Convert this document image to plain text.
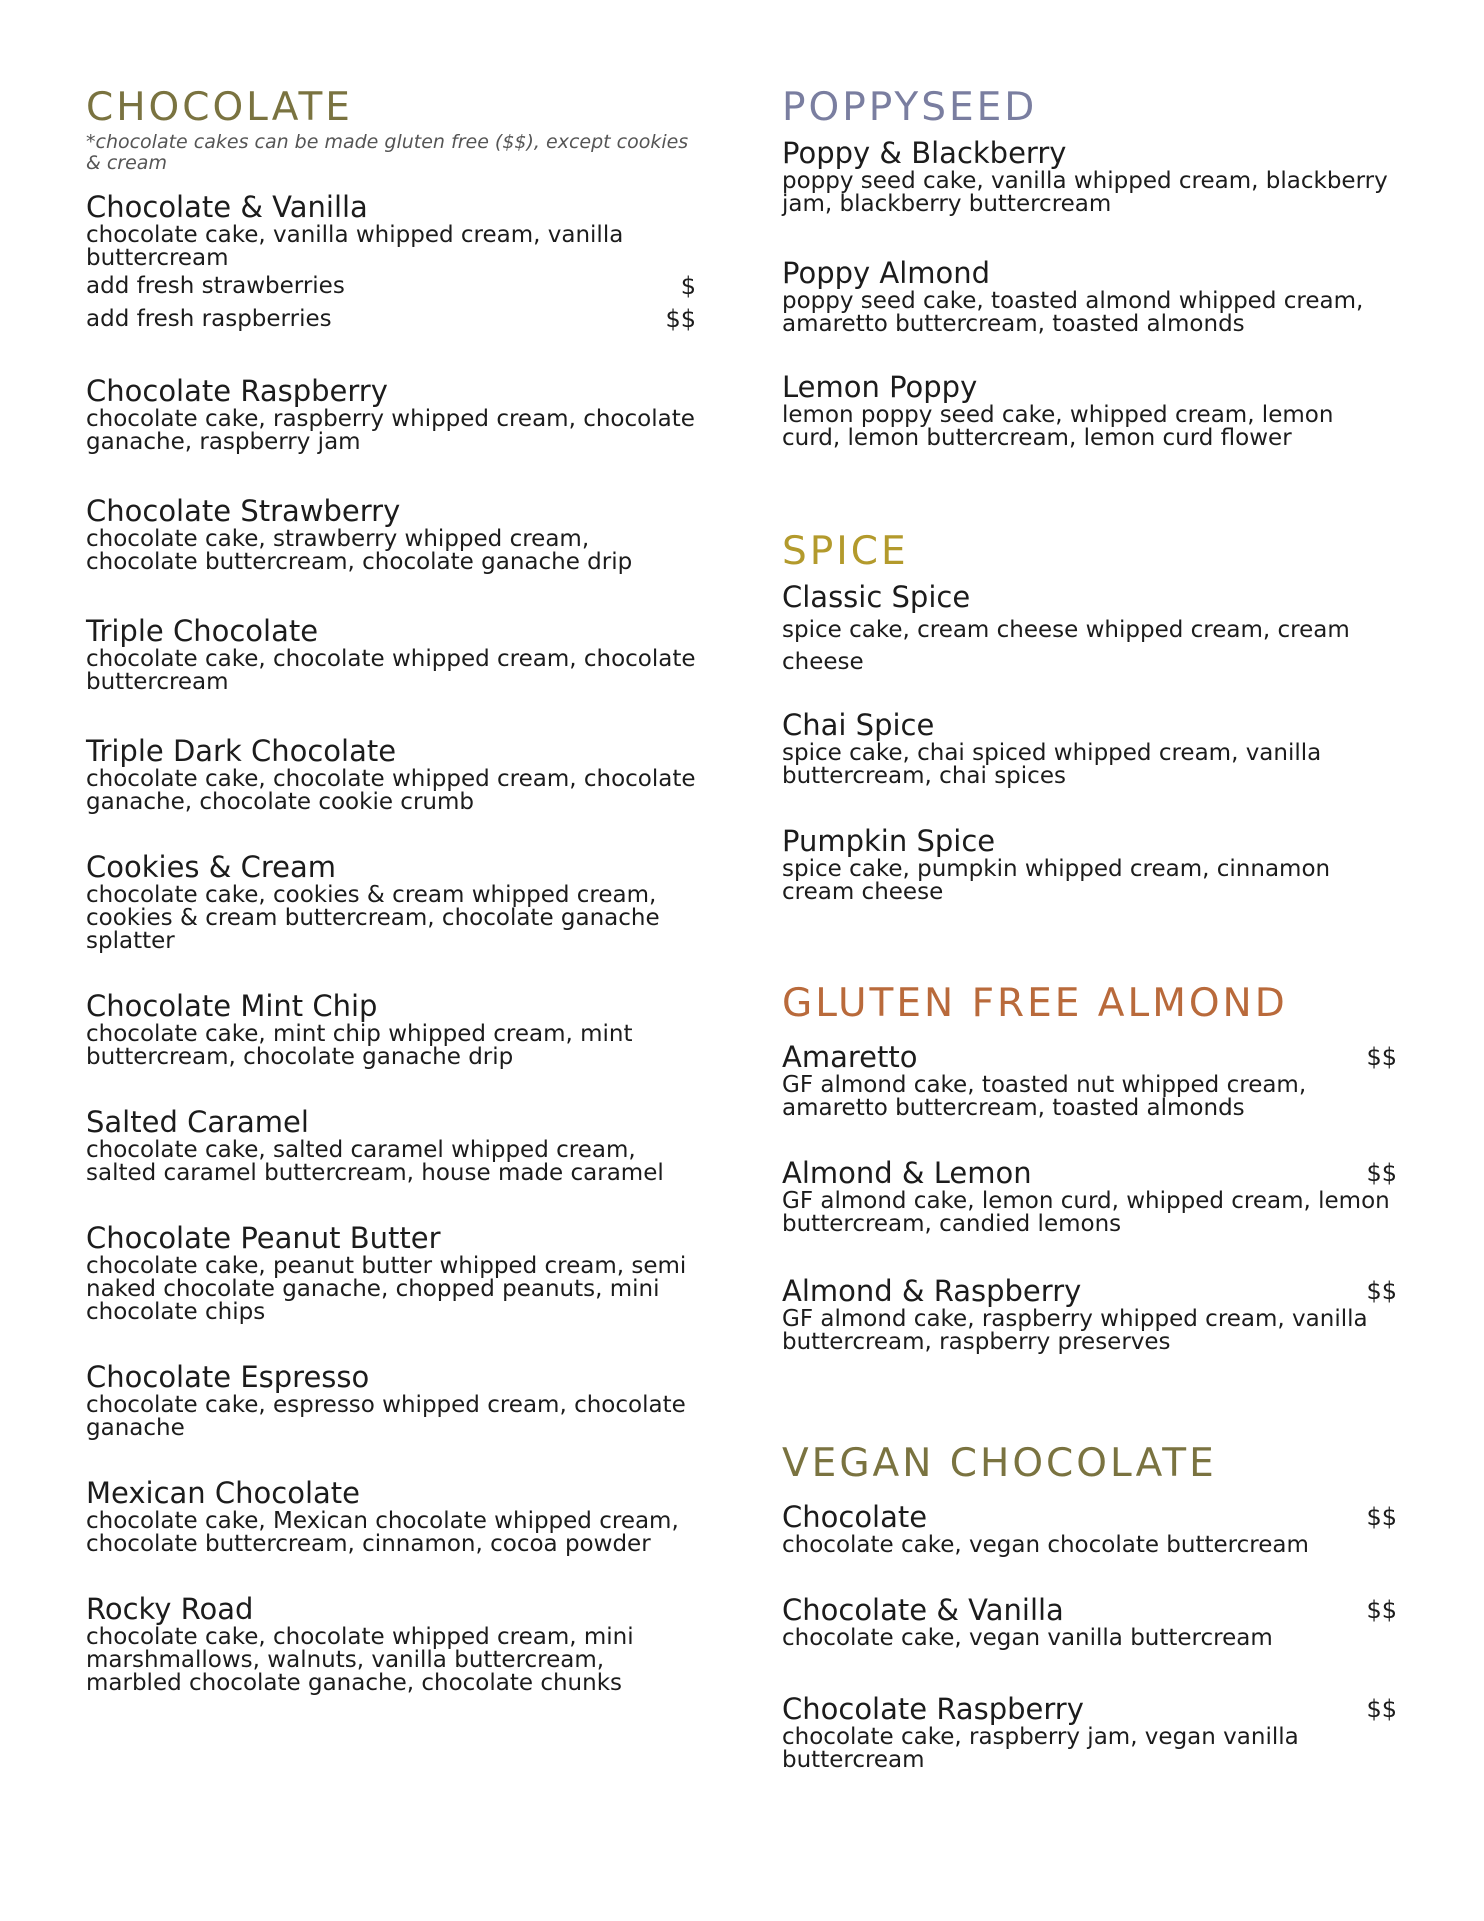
CHOCOLATE
*chocolate cakes can be made gluten free ($$), except cookies & cream
Chocolate & Vanilla
chocolate cake, vanilla whipped cream, vanilla buttercream
add fresh strawberries	$
add fresh raspberries	$$
Chocolate Raspberry
chocolate cake, raspberry whipped cream, chocolate ganache, raspberry jam
Chocolate Strawberry
chocolate cake, strawberry whipped cream, chocolate buttercream, chocolate ganache drip
Triple Chocolate
chocolate cake, chocolate whipped cream, chocolate buttercream
Triple Dark Chocolate
chocolate cake, chocolate whipped cream, chocolate ganache, chocolate cookie crumb
Cookies & Cream
chocolate cake, cookies & cream whipped cream, cookies & cream buttercream, chocolate ganache splatter
Chocolate Mint Chip
chocolate cake, mint chip whipped cream, mint buttercream, chocolate ganache drip
Salted Caramel
chocolate cake, salted caramel whipped cream, salted caramel buttercream, house made caramel
Chocolate Peanut Butter
chocolate cake, peanut butter whipped cream, semi naked chocolate ganache, chopped peanuts, mini chocolate chips
Chocolate Espresso
chocolate cake, espresso whipped cream, chocolate ganache
Mexican Chocolate
chocolate cake, Mexican chocolate whipped cream, chocolate buttercream, cinnamon, cocoa powder
Rocky Road
chocolate cake, chocolate whipped cream, mini marshmallows, walnuts, vanilla buttercream, marbled chocolate ganache, chocolate chunks
POPPYSEED
Poppy & Blackberry
poppy seed cake, vanilla whipped cream, blackberry jam, blackberry buttercream
Poppy Almond
poppy seed cake, toasted almond whipped cream, amaretto buttercream, toasted almonds
Lemon Poppy
lemon poppy seed cake, whipped cream, lemon curd, lemon buttercream, lemon curd flower
SPICE
Classic Spice
spice cake, cream cheese whipped cream, cream cheese
Chai Spice
spice cake, chai spiced whipped cream, vanilla buttercream, chai spices
Pumpkin Spice
spice cake, pumpkin whipped cream, cinnamon cream cheese
GLUTEN FREE ALMOND
Amaretto	$$
GF almond cake, toasted nut whipped cream, amaretto buttercream, toasted almonds
Almond & Lemon	$$
GF almond cake, lemon curd, whipped cream, lemon buttercream, candied lemons
Almond & Raspberry	$$
GF almond cake, raspberry whipped cream, vanilla buttercream, raspberry preserves
VEGAN CHOCOLATE
Chocolate	$$
chocolate cake, vegan chocolate buttercream
Chocolate & Vanilla	$$
chocolate cake, vegan vanilla buttercream
Chocolate Raspberry	$$
chocolate cake, raspberry jam, vegan vanilla buttercream
